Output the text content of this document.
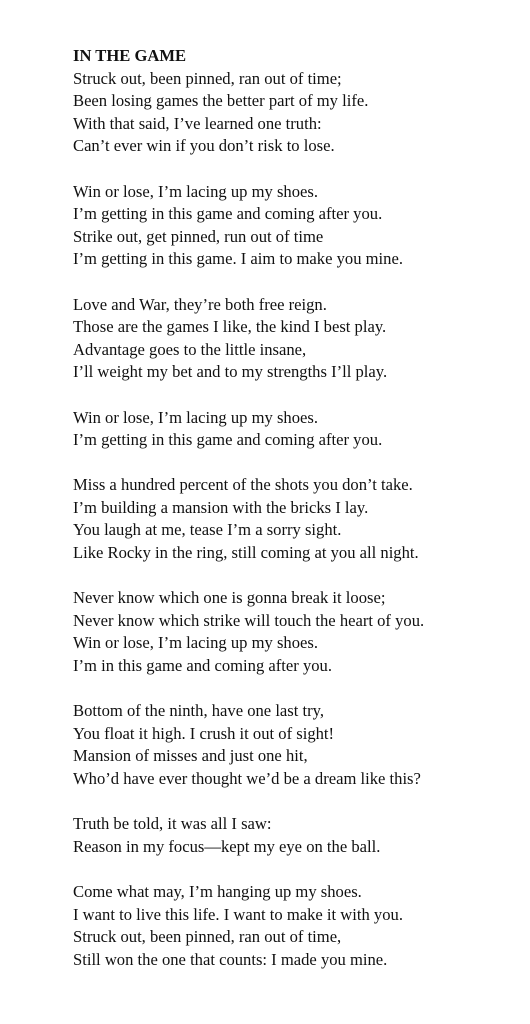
IN THE GAME
Struck out, been pinned, ran out of time;
Been losing games the better part of my life.
With that said, I’ve learned one truth:
Can’t ever win if you don’t risk to lose.
Win or lose, I’m lacing up my shoes.
I’m getting in this game and coming after you.
Strike out, get pinned, run out of time
I’m getting in this game. I aim to make you mine.
Love and War, they’re both free reign.
Those are the games I like, the kind I best play.
Advantage goes to the little insane,
I’ll weight my bet and to my strengths I’ll play.
Win or lose, I’m lacing up my shoes.
I’m getting in this game and coming after you.
Miss a hundred percent of the shots you don’t take.
I’m building a mansion with the bricks I lay.
You laugh at me, tease I’m a sorry sight.
Like Rocky in the ring, still coming at you all night.
Never know which one is gonna break it loose;
Never know which strike will touch the heart of you.
Win or lose, I’m lacing up my shoes.
I’m in this game and coming after you.
Bottom of the ninth, have one last try,
You float it high. I crush it out of sight!
Mansion of misses and just one hit,
Who’d have ever thought we’d be a dream like this?
Truth be told, it was all I saw:
Reason in my focus—kept my eye on the ball.
Come what may, I’m hanging up my shoes.
I want to live this life. I want to make it with you.
Struck out, been pinned, ran out of time,
Still won the one that counts: I made you mine.
